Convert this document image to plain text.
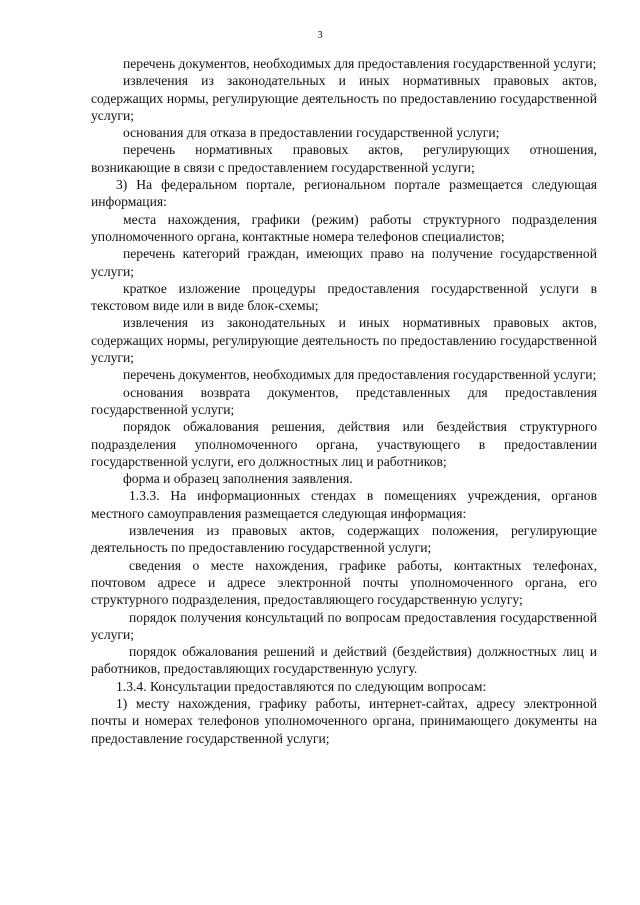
3

перечень документов, необходимых для предоставления государственной услуги;

извлечения из законодательных и иных нормативных правовых актов, содержащих нормы, регулирующие деятельность по предоставлению государственной услуги;

основания для отказа в предоставлении государственной услуги;

перечень нормативных правовых актов, регулирующих отношения, возникающие в связи с предоставлением государственной услуги;

3) На федеральном портале, региональном портале размещается следующая информация:

места нахождения, графики (режим) работы структурного подразделения уполномоченного органа, контактные номера телефонов специалистов;

перечень категорий граждан, имеющих право на получение государственной услуги;

краткое изложение процедуры предоставления государственной услуги в текстовом виде или в виде блок-схемы;

извлечения из законодательных и иных нормативных правовых актов, содержащих нормы, регулирующие деятельность по предоставлению государственной услуги;

перечень документов, необходимых для предоставления государственной услуги;

основания возврата документов, представленных для предоставления государственной услуги;

порядок обжалования решения, действия или бездействия структурного подразделения уполномоченного органа, участвующего в предоставлении государственной услуги, его должностных лиц и работников;

форма и образец заполнения заявления.

1.3.3. На информационных стендах в помещениях учреждения, органов местного самоуправления размещается следующая информация:

извлечения из правовых актов, содержащих положения, регулирующие деятельность по предоставлению государственной услуги;

сведения о месте нахождения, графике работы, контактных телефонах, почтовом адресе и адресе электронной почты уполномоченного органа, его структурного подразделения, предоставляющего государственную услугу;

порядок получения консультаций по вопросам предоставления государственной услуги;

порядок обжалования решений и действий (бездействия) должностных лиц и работников, предоставляющих государственную услугу.

1.3.4. Консультации предоставляются по следующим вопросам:

1) месту нахождения, графику работы, интернет-сайтах, адресу электронной почты и номерах телефонов уполномоченного органа, принимающего документы на предоставление государственной услуги;
